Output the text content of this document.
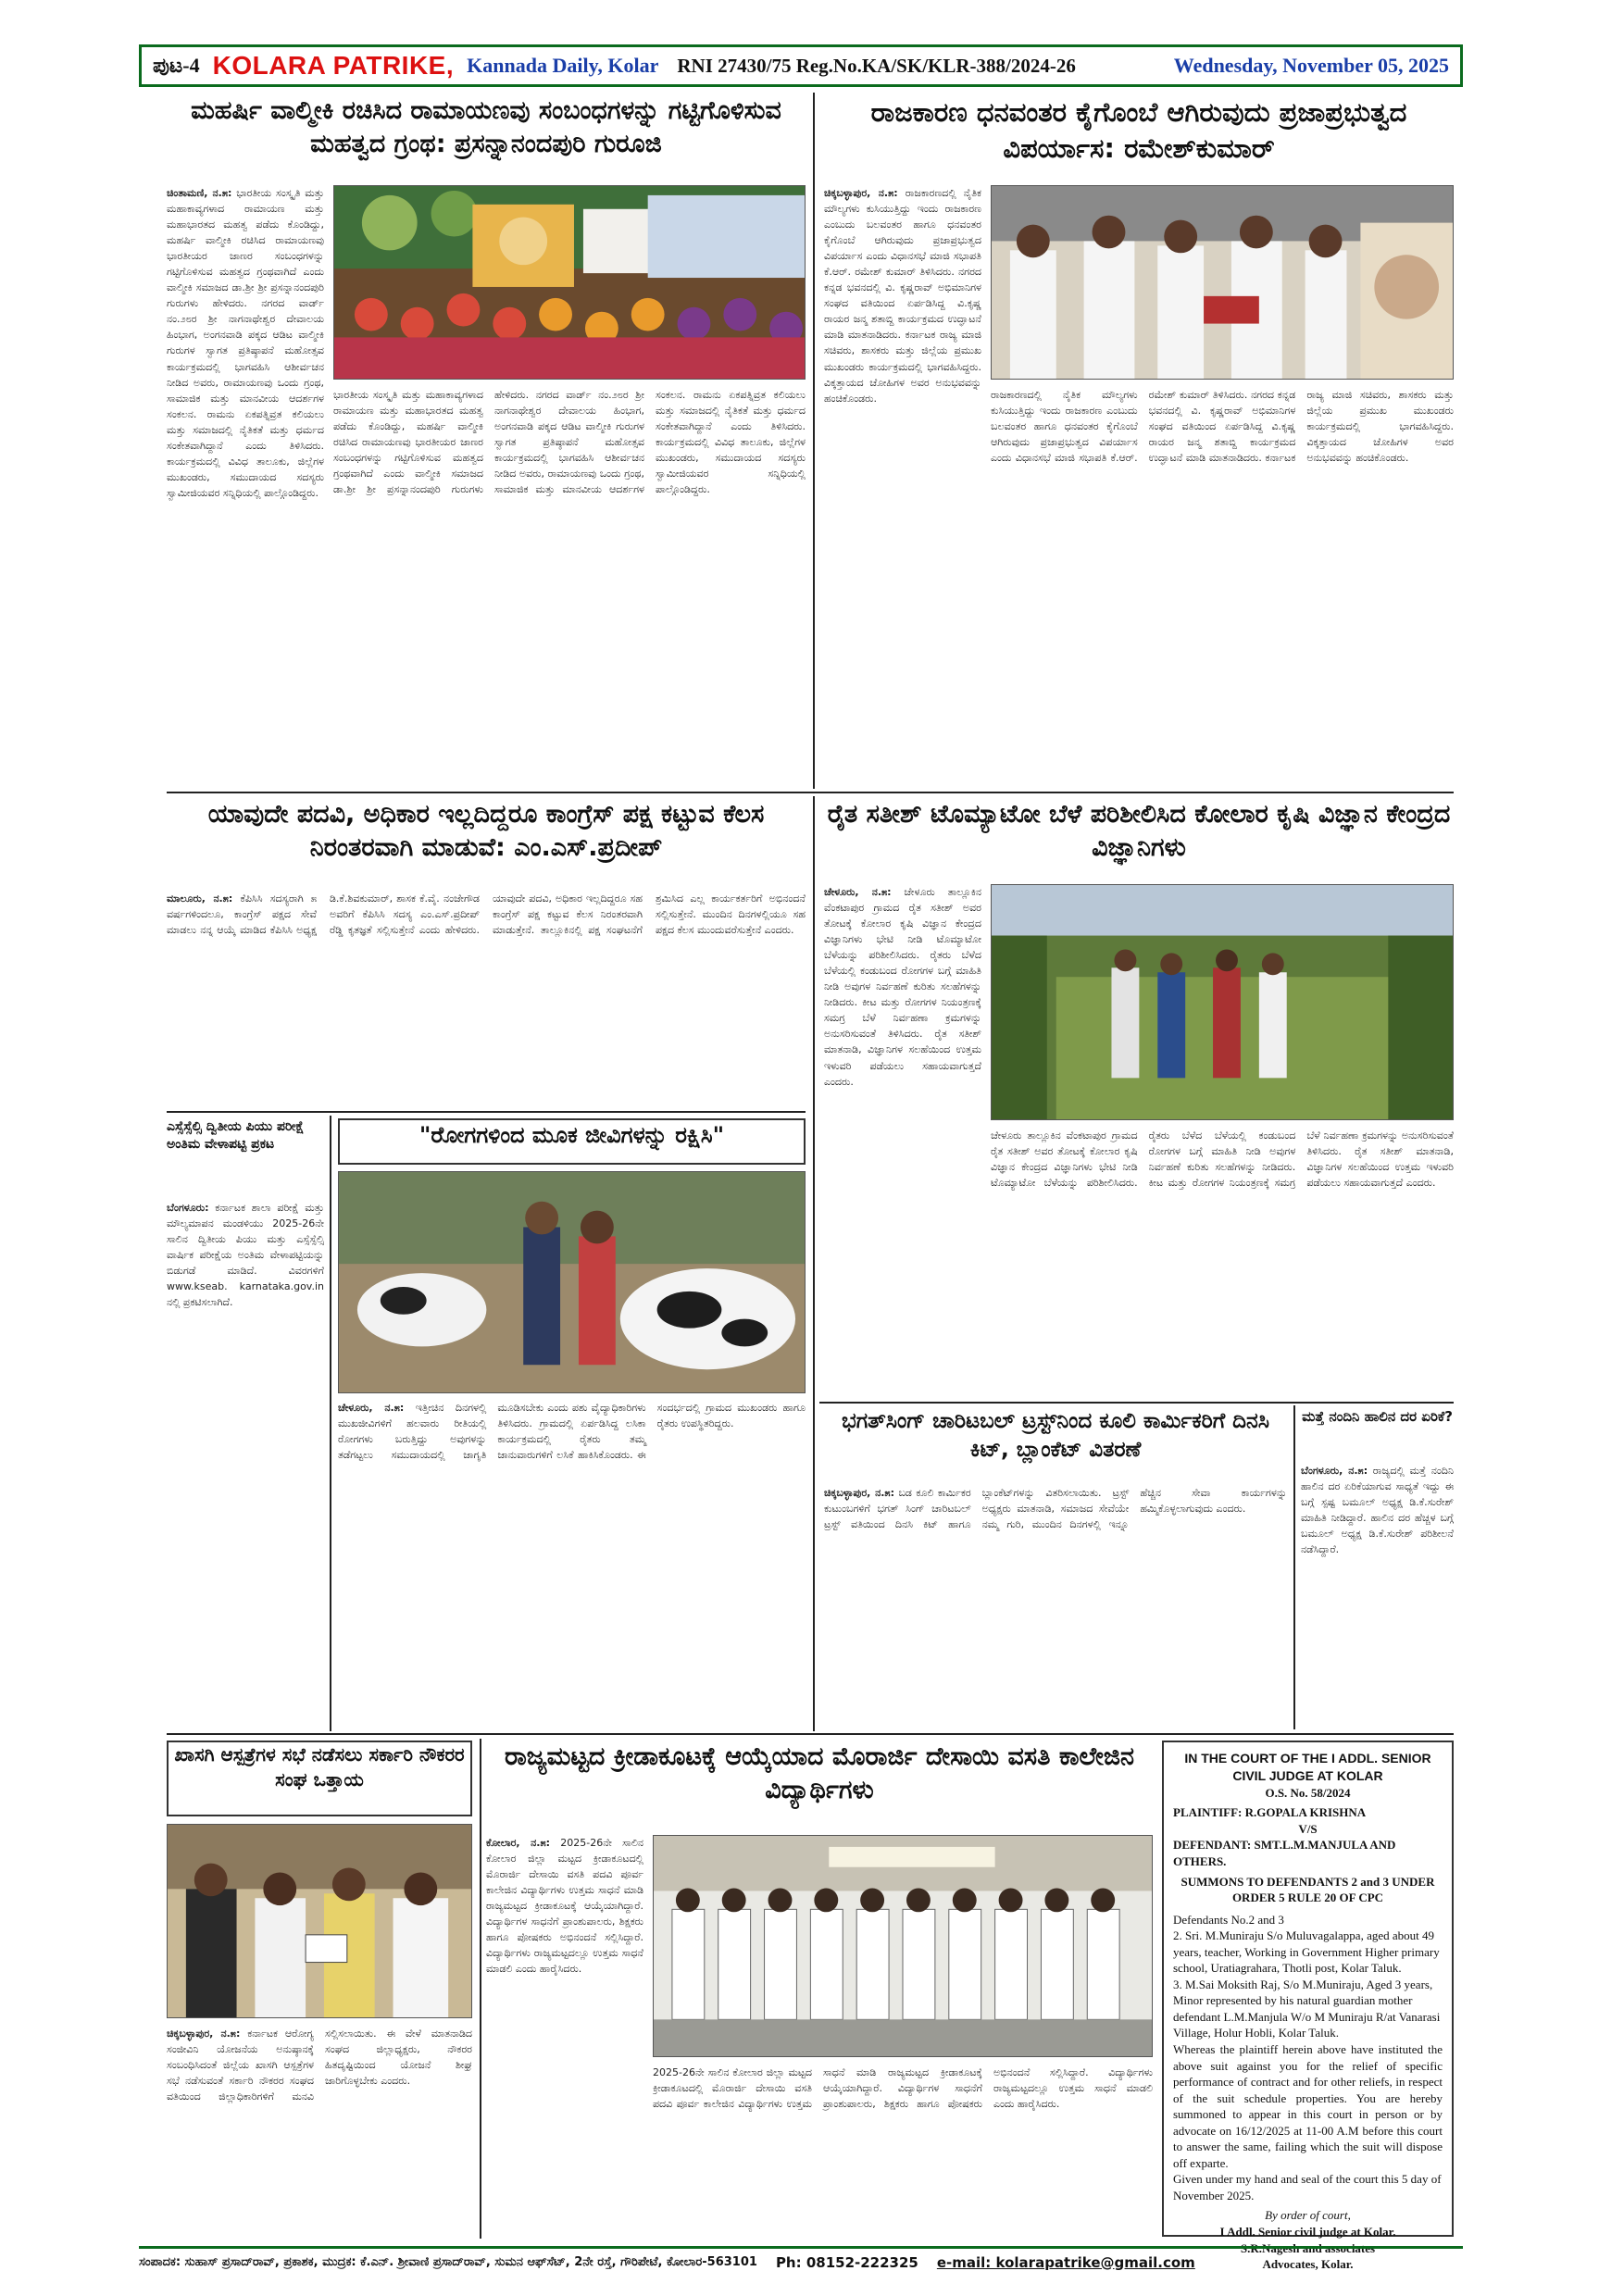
ಪುಟ-4 KOLARA PATRIKE, Kannada Daily, Kolar RNI 27430/75 Reg.No.KA/SK/KLR-388/2024-26	Wednesday, November 05, 2025
ಮಹರ್ಷಿ ವಾಲ್ಮೀಕಿ ರಚಿಸಿದ ರಾಮಾಯಣವು ಸಂಬಂಧಗಳನ್ನು ಗಟ್ಟಿಗೊಳಿಸುವ ಮಹತ್ವದ ಗ್ರಂಥ: ಪ್ರಸನ್ನಾನಂದಪುರಿ ಗುರೂಜಿ
ಚಿಂತಾಮಣಿ, ನ.೫: ಭಾರತೀಯ ಸಂಸ್ಕೃತಿ ಮತ್ತು ಮಹಾಕಾವ್ಯಗಳಾದ ರಾಮಾಯಣ ಮತ್ತು ಮಹಾಭಾರತದ ಮಹತ್ವ ಪಡೆದು ಕೊಂಡಿದ್ದು, ಮಹರ್ಷಿ ವಾಲ್ಮೀಕಿ ರಚಿಸಿದ ರಾಮಾಯಣವು ಭಾರತೀಯರ ಜಾಣರ ಸಂಬಂಧಗಳನ್ನು ಗಟ್ಟಿಗೊಳಿಸುವ ಮಹತ್ವದ ಗ್ರಂಥವಾಗಿದೆ ಎಂದು ವಾಲ್ಮೀಕಿ ಸಮಾಜದ ಡಾ.ಶ್ರೀ ಶ್ರೀ ಪ್ರಸನ್ನಾನಂದಪುರಿ ಗುರುಗಳು ಹೇಳಿದರು. ನಗರದ ವಾರ್ಡ್ ನಂ.೨೮ರ ಶ್ರೀ ನಾಗನಾಥೇಶ್ವರ ದೇವಾಲಯ ಹಿಂಭಾಗ, ಅಂಗನವಾಡಿ ಪಕ್ಕದ ಆಡಿಟ ವಾಲ್ಮೀಕಿ ಗುರುಗಳ ಸ್ವಾಗತ ಪ್ರತಿಷ್ಠಾಪನೆ ಮಹೋತ್ಸವ ಕಾರ್ಯಕ್ರಮದಲ್ಲಿ ಭಾಗವಹಿಸಿ ಆಶೀರ್ವಚನ ನೀಡಿದ ಅವರು, ರಾಮಾಯಣವು ಒಂದು ಗ್ರಂಥ, ಸಾಮಾಜಿಕ ಮತ್ತು ಮಾನವೀಯ ಆದರ್ಶಗಳ ಸಂಕಲನ. ರಾಮನು ಏಕಪತ್ನಿವ್ರತ ಕಲಿಯಲು ಮತ್ತು ಸಮಾಜದಲ್ಲಿ ನೈತಿಕತೆ ಮತ್ತು ಧರ್ಮದ ಸಂಕೇತವಾಗಿದ್ದಾನೆ ಎಂದು ತಿಳಿಸಿದರು. ಕಾರ್ಯಕ್ರಮದಲ್ಲಿ ವಿವಿಧ ತಾಲೂಕು, ಜಿಲ್ಲೆಗಳ ಮುಖಂಡರು, ಸಮುದಾಯದ ಸದಸ್ಯರು ಸ್ವಾಮೀಜಿಯವರ ಸನ್ನಿಧಿಯಲ್ಲಿ ಪಾಲ್ಗೊಂಡಿದ್ದರು.
ಭಾರತೀಯ ಸಂಸ್ಕೃತಿ ಮತ್ತು ಮಹಾಕಾವ್ಯಗಳಾದ ರಾಮಾಯಣ ಮತ್ತು ಮಹಾಭಾರತದ ಮಹತ್ವ ಪಡೆದು ಕೊಂಡಿದ್ದು, ಮಹರ್ಷಿ ವಾಲ್ಮೀಕಿ ರಚಿಸಿದ ರಾಮಾಯಣವು ಭಾರತೀಯರ ಜಾಣರ ಸಂಬಂಧಗಳನ್ನು ಗಟ್ಟಿಗೊಳಿಸುವ ಮಹತ್ವದ ಗ್ರಂಥವಾಗಿದೆ ಎಂದು ವಾಲ್ಮೀಕಿ ಸಮಾಜದ ಡಾ.ಶ್ರೀ ಶ್ರೀ ಪ್ರಸನ್ನಾನಂದಪುರಿ ಗುರುಗಳು ಹೇಳಿದರು. ನಗರದ ವಾರ್ಡ್ ನಂ.೨೮ರ ಶ್ರೀ ನಾಗನಾಥೇಶ್ವರ ದೇವಾಲಯ ಹಿಂಭಾಗ, ಅಂಗನವಾಡಿ ಪಕ್ಕದ ಆಡಿಟ ವಾಲ್ಮೀಕಿ ಗುರುಗಳ ಸ್ವಾಗತ ಪ್ರತಿಷ್ಠಾಪನೆ ಮಹೋತ್ಸವ ಕಾರ್ಯಕ್ರಮದಲ್ಲಿ ಭಾಗವಹಿಸಿ ಆಶೀರ್ವಚನ ನೀಡಿದ ಅವರು, ರಾಮಾಯಣವು ಒಂದು ಗ್ರಂಥ, ಸಾಮಾಜಿಕ ಮತ್ತು ಮಾನವೀಯ ಆದರ್ಶಗಳ ಸಂಕಲನ. ರಾಮನು ಏಕಪತ್ನಿವ್ರತ ಕಲಿಯಲು ಮತ್ತು ಸಮಾಜದಲ್ಲಿ ನೈತಿಕತೆ ಮತ್ತು ಧರ್ಮದ ಸಂಕೇತವಾಗಿದ್ದಾನೆ ಎಂದು ತಿಳಿಸಿದರು. ಕಾರ್ಯಕ್ರಮದಲ್ಲಿ ವಿವಿಧ ತಾಲೂಕು, ಜಿಲ್ಲೆಗಳ ಮುಖಂಡರು, ಸಮುದಾಯದ ಸದಸ್ಯರು ಸ್ವಾಮೀಜಿಯವರ ಸನ್ನಿಧಿಯಲ್ಲಿ ಪಾಲ್ಗೊಂಡಿದ್ದರು.
ರಾಜಕಾರಣ ಧನವಂತರ ಕೈಗೊಂಬೆ ಆಗಿರುವುದು ಪ್ರಜಾಪ್ರಭುತ್ವದ ವಿಪರ್ಯಾಸ: ರಮೇಶ್‌ಕುಮಾರ್
ಚಿಕ್ಕಬಳ್ಳಾಪುರ, ನ.೫: ರಾಜಕಾರಣದಲ್ಲಿ ನೈತಿಕ ಮೌಲ್ಯಗಳು ಕುಸಿಯುತ್ತಿದ್ದು ಇಂದು ರಾಜಕಾರಣ ಎಂಬುದು ಬಲವಂತರ ಹಾಗೂ ಧನವಂತರ ಕೈಗೊಂಬೆ ಆಗಿರುವುದು ಪ್ರಜಾಪ್ರಭುತ್ವದ ವಿಪರ್ಯಾಸ ಎಂದು ವಿಧಾನಸಭೆ ಮಾಜಿ ಸಭಾಪತಿ ಕೆ.ಆರ್. ರಮೇಶ್ ಕುಮಾರ್ ತಿಳಿಸಿದರು. ನಗರದ ಕನ್ನಡ ಭವನದಲ್ಲಿ ವಿ. ಕೃಷ್ಣರಾವ್ ಅಭಿಮಾನಿಗಳ ಸಂಘದ ವತಿಯಿಂದ ಏರ್ಪಡಿಸಿದ್ದ ವಿ.ಕೃಷ್ಣ ರಾಯರ ಜನ್ಮ ಶತಾಬ್ದಿ ಕಾರ್ಯಕ್ರಮದ ಉದ್ಘಾಟನೆ ಮಾಡಿ ಮಾತನಾಡಿದರು. ಕರ್ನಾಟಕ ರಾಜ್ಯ ಮಾಜಿ ಸಚಿವರು, ಶಾಸಕರು ಮತ್ತು ಜಿಲ್ಲೆಯ ಪ್ರಮುಖ ಮುಖಂಡರು ಕಾರ್ಯಕ್ರಮದಲ್ಲಿ ಭಾಗವಹಿಸಿದ್ದರು. ವಿಕ್ಕತ್ತಾಯದ ಚೋಹಿಗಳ ಅವರ ಅನುಭವವನ್ನು ಹಂಚಿಕೊಂಡರು.	ರಾಜಕಾರಣದಲ್ಲಿ ನೈತಿಕ ಮೌಲ್ಯಗಳು ಕುಸಿಯುತ್ತಿದ್ದು ಇಂದು ರಾಜಕಾರಣ ಎಂಬುದು ಬಲವಂತರ ಹಾಗೂ ಧನವಂತರ ಕೈಗೊಂಬೆ ಆಗಿರುವುದು ಪ್ರಜಾಪ್ರಭುತ್ವದ ವಿಪರ್ಯಾಸ ಎಂದು ವಿಧಾನಸಭೆ ಮಾಜಿ ಸಭಾಪತಿ ಕೆ.ಆರ್. ರಮೇಶ್ ಕುಮಾರ್ ತಿಳಿಸಿದರು. ನಗರದ ಕನ್ನಡ ಭವನದಲ್ಲಿ ವಿ. ಕೃಷ್ಣರಾವ್ ಅಭಿಮಾನಿಗಳ ಸಂಘದ ವತಿಯಿಂದ ಏರ್ಪಡಿಸಿದ್ದ ವಿ.ಕೃಷ್ಣ ರಾಯರ ಜನ್ಮ ಶತಾಬ್ದಿ ಕಾರ್ಯಕ್ರಮದ ಉದ್ಘಾಟನೆ ಮಾಡಿ ಮಾತನಾಡಿದರು. ಕರ್ನಾಟಕ ರಾಜ್ಯ ಮಾಜಿ ಸಚಿವರು, ಶಾಸಕರು ಮತ್ತು ಜಿಲ್ಲೆಯ ಪ್ರಮುಖ ಮುಖಂಡರು ಕಾರ್ಯಕ್ರಮದಲ್ಲಿ ಭಾಗವಹಿಸಿದ್ದರು. ವಿಕ್ಕತ್ತಾಯದ ಚೋಹಿಗಳ ಅವರ ಅನುಭವವನ್ನು ಹಂಚಿಕೊಂಡರು.
ಯಾವುದೇ ಪದವಿ, ಅಧಿಕಾರ ಇಲ್ಲದಿದ್ದರೂ ಕಾಂಗ್ರೆಸ್ ಪಕ್ಷ ಕಟ್ಟುವ ಕೆಲಸ ನಿರಂತರವಾಗಿ ಮಾಡುವೆ: ಎಂ.ಎಸ್.ಪ್ರದೀಪ್
ಮಾಲೂರು, ನ.೫: ಕೆಪಿಸಿಸಿ ಸದಸ್ಯರಾಗಿ ೫ ವರ್ಷಗಳಿಂದಲೂ, ಕಾಂಗ್ರೆಸ್ ಪಕ್ಷದ ಸೇವೆ ಮಾಡಲು ನನ್ನ ಆಯ್ಕೆ ಮಾಡಿದ ಕೆಪಿಸಿಸಿ ಅಧ್ಯಕ್ಷ ಡಿ.ಕೆ.ಶಿವಕುಮಾರ್, ಶಾಸಕ ಕೆ.ವೈ. ನಂಜೇಗೌಡ ಅವರಿಗೆ ಕೆಪಿಸಿಸಿ ಸದಸ್ಯ ಎಂ.ಎಸ್.ಪ್ರದೀಪ್ ರೆಡ್ಡಿ ಕೃತಜ್ಞತೆ ಸಲ್ಲಿಸುತ್ತೇನೆ ಎಂದು ಹೇಳಿದರು. ಯಾವುದೇ ಪದವಿ, ಅಧಿಕಾರ ಇಲ್ಲದಿದ್ದರೂ ಸಹ ಕಾಂಗ್ರೆಸ್ ಪಕ್ಷ ಕಟ್ಟುವ ಕೆಲಸ ನಿರಂತರವಾಗಿ ಮಾಡುತ್ತೇನೆ. ತಾಲ್ಲೂಕಿನಲ್ಲಿ ಪಕ್ಷ ಸಂಘಟನೆಗೆ ಶ್ರಮಿಸಿದ ಎಲ್ಲ ಕಾರ್ಯಕರ್ತರಿಗೆ ಅಭಿನಂದನೆ ಸಲ್ಲಿಸುತ್ತೇನೆ. ಮುಂದಿನ ದಿನಗಳಲ್ಲಿಯೂ ಸಹ ಪಕ್ಷದ ಕೆಲಸ ಮುಂದುವರೆಸುತ್ತೇನೆ ಎಂದರು.
ಎಸ್ಸೆಸ್ಸೆಲ್ಸಿ ದ್ವಿತೀಯ ಪಿಯು ಪರೀಕ್ಷೆ ಅಂತಿಮ ವೇಳಾಪಟ್ಟಿ ಪ್ರಕಟ
ಬೆಂಗಳೂರು: ಕರ್ನಾಟಕ ಶಾಲಾ ಪರೀಕ್ಷೆ ಮತ್ತು ಮೌಲ್ಯಮಾಪನ ಮಂಡಳಿಯು 2025-26ನೇ ಸಾಲಿನ ದ್ವಿತೀಯ ಪಿಯು ಮತ್ತು ಎಸ್ಸೆಸ್ಸೆಲ್ಸಿ ವಾರ್ಷಿಕ ಪರೀಕ್ಷೆಯ ಅಂತಿಮ ವೇಳಾಪಟ್ಟಿಯನ್ನು ಬಿಡುಗಡೆ ಮಾಡಿದೆ. ವಿವರಗಳಿಗೆ www.kseab. karnataka.gov.in ನಲ್ಲಿ ಪ್ರಕಟಿಸಲಾಗಿದೆ.
"ರೋಗಗಳಿಂದ ಮೂಕ ಜೀವಿಗಳನ್ನು ರಕ್ಷಿಸಿ"
ಚೇಳೂರು, ನ.೫: ಇತ್ತೀಚಿನ ದಿನಗಳಲ್ಲಿ ಮುಖಜೀವಿಗಳಿಗೆ ಹಲವಾರು ರೀತಿಯಲ್ಲಿ ರೋಗಗಳು ಬರುತ್ತಿದ್ದು ಅವುಗಳನ್ನು ತಡೆಗಟ್ಟಲು ಸಮುದಾಯದಲ್ಲಿ ಜಾಗೃತಿ ಮೂಡಿಸಬೇಕು ಎಂದು ಪಶು ವೈದ್ಯಾಧಿಕಾರಿಗಳು ತಿಳಿಸಿದರು. ಗ್ರಾಮದಲ್ಲಿ ಏರ್ಪಡಿಸಿದ್ದ ಲಸಿಕಾ ಕಾರ್ಯಕ್ರಮದಲ್ಲಿ ರೈತರು ತಮ್ಮ ಜಾನುವಾರುಗಳಿಗೆ ಲಸಿಕೆ ಹಾಕಿಸಿಕೊಂಡರು. ಈ ಸಂದರ್ಭದಲ್ಲಿ ಗ್ರಾಮದ ಮುಖಂಡರು ಹಾಗೂ ರೈತರು ಉಪಸ್ಥಿತರಿದ್ದರು.
ರೈತ ಸತೀಶ್ ಟೊಮ್ಯಾಟೋ ಬೆಳೆ ಪರಿಶೀಲಿಸಿದ ಕೋಲಾರ ಕೃಷಿ ವಿಜ್ಞಾನ ಕೇಂದ್ರದ ವಿಜ್ಞಾನಿಗಳು
ಚೇಳೂರು, ನ.೫: ಚೇಳೂರು ತಾಲ್ಲೂಕಿನ ವೆಂಕಟಾಪುರ ಗ್ರಾಮದ ರೈತ ಸತೀಶ್ ಅವರ ತೋಟಕ್ಕೆ ಕೋಲಾರ ಕೃಷಿ ವಿಜ್ಞಾನ ಕೇಂದ್ರದ ವಿಜ್ಞಾನಿಗಳು ಭೇಟಿ ನೀಡಿ ಟೊಮ್ಯಾಟೋ ಬೆಳೆಯನ್ನು ಪರಿಶೀಲಿಸಿದರು. ರೈತರು ಬೆಳೆದ ಬೆಳೆಯಲ್ಲಿ ಕಂಡುಬಂದ ರೋಗಗಳ ಬಗ್ಗೆ ಮಾಹಿತಿ ನೀಡಿ ಅವುಗಳ ನಿರ್ವಹಣೆ ಕುರಿತು ಸಲಹೆಗಳನ್ನು ನೀಡಿದರು. ಕೀಟ ಮತ್ತು ರೋಗಗಳ ನಿಯಂತ್ರಣಕ್ಕೆ ಸಮಗ್ರ ಬೆಳೆ ನಿರ್ವಹಣಾ ಕ್ರಮಗಳನ್ನು ಅನುಸರಿಸುವಂತೆ ತಿಳಿಸಿದರು. ರೈತ ಸತೀಶ್ ಮಾತನಾಡಿ, ವಿಜ್ಞಾನಿಗಳ ಸಲಹೆಯಿಂದ ಉತ್ತಮ ಇಳುವರಿ ಪಡೆಯಲು ಸಹಾಯವಾಗುತ್ತದೆ ಎಂದರು.
ಚೇಳೂರು ತಾಲ್ಲೂಕಿನ ವೆಂಕಟಾಪುರ ಗ್ರಾಮದ ರೈತ ಸತೀಶ್ ಅವರ ತೋಟಕ್ಕೆ ಕೋಲಾರ ಕೃಷಿ ವಿಜ್ಞಾನ ಕೇಂದ್ರದ ವಿಜ್ಞಾನಿಗಳು ಭೇಟಿ ನೀಡಿ ಟೊಮ್ಯಾಟೋ ಬೆಳೆಯನ್ನು ಪರಿಶೀಲಿಸಿದರು. ರೈತರು ಬೆಳೆದ ಬೆಳೆಯಲ್ಲಿ ಕಂಡುಬಂದ ರೋಗಗಳ ಬಗ್ಗೆ ಮಾಹಿತಿ ನೀಡಿ ಅವುಗಳ ನಿರ್ವಹಣೆ ಕುರಿತು ಸಲಹೆಗಳನ್ನು ನೀಡಿದರು. ಕೀಟ ಮತ್ತು ರೋಗಗಳ ನಿಯಂತ್ರಣಕ್ಕೆ ಸಮಗ್ರ ಬೆಳೆ ನಿರ್ವಹಣಾ ಕ್ರಮಗಳನ್ನು ಅನುಸರಿಸುವಂತೆ ತಿಳಿಸಿದರು. ರೈತ ಸತೀಶ್ ಮಾತನಾಡಿ, ವಿಜ್ಞಾನಿಗಳ ಸಲಹೆಯಿಂದ ಉತ್ತಮ ಇಳುವರಿ ಪಡೆಯಲು ಸಹಾಯವಾಗುತ್ತದೆ ಎಂದರು.
ಭಗತ್‌ಸಿಂಗ್ ಚಾರಿಟಬಲ್ ಟ್ರಸ್ಟ್‌ನಿಂದ ಕೂಲಿ ಕಾರ್ಮಿಕರಿಗೆ ದಿನಸಿ ಕಿಟ್, ಬ್ಲಾಂಕೆಟ್ ವಿತರಣೆ
ಚಿಕ್ಕಬಳ್ಳಾಪುರ, ನ.೫: ಬಡ ಕೂಲಿ ಕಾರ್ಮಿಕರ ಕುಟುಂಬಗಳಿಗೆ ಭಗತ್ ಸಿಂಗ್ ಚಾರಿಟಬಲ್ ಟ್ರಸ್ಟ್ ವತಿಯಿಂದ ದಿನಸಿ ಕಿಟ್ ಹಾಗೂ ಬ್ಲಾಂಕೆಟ್‌ಗಳನ್ನು ವಿತರಿಸಲಾಯಿತು. ಟ್ರಸ್ಟ್ ಅಧ್ಯಕ್ಷರು ಮಾತನಾಡಿ, ಸಮಾಜದ ಸೇವೆಯೇ ನಮ್ಮ ಗುರಿ, ಮುಂದಿನ ದಿನಗಳಲ್ಲಿ ಇನ್ನೂ ಹೆಚ್ಚಿನ ಸೇವಾ ಕಾರ್ಯಗಳನ್ನು ಹಮ್ಮಿಕೊಳ್ಳಲಾಗುವುದು ಎಂದರು.
ಮತ್ತೆ ನಂದಿನಿ ಹಾಲಿನ ದರ ಏರಿಕೆ?
ಬೆಂಗಳೂರು, ನ.೫: ರಾಜ್ಯದಲ್ಲಿ ಮತ್ತೆ ನಂದಿನಿ ಹಾಲಿನ ದರ ಏರಿಕೆಯಾಗುವ ಸಾಧ್ಯತೆ ಇದ್ದು ಈ ಬಗ್ಗೆ ಸ್ಪಷ್ಟ ಬಮೂಲ್ ಅಧ್ಯಕ್ಷ ಡಿ.ಕೆ.ಸುರೇಶ್ ಮಾಹಿತಿ ನೀಡಿದ್ದಾರೆ. ಹಾಲಿನ ದರ ಹೆಚ್ಚಳ ಬಗ್ಗೆ ಬಮೂಲ್ ಅಧ್ಯಕ್ಷ ಡಿ.ಕೆ.ಸುರೇಶ್ ಪರಿಶೀಲನೆ ನಡೆಸಿದ್ದಾರೆ.
ಖಾಸಗಿ ಆಸ್ಪತ್ರೆಗಳ ಸಭೆ ನಡೆಸಲು ಸರ್ಕಾರಿ ನೌಕರರ ಸಂಘ ಒತ್ತಾಯ
ಚಿಕ್ಕಬಳ್ಳಾಪುರ, ನ.೫: ಕರ್ನಾಟಕ ಆರೋಗ್ಯ ಸಂಜೀವಿನಿ ಯೋಜನೆಯ ಅನುಷ್ಠಾನಕ್ಕೆ ಸಂಬಂಧಿಸಿದಂತೆ ಜಿಲ್ಲೆಯ ಖಾಸಗಿ ಆಸ್ಪತ್ರೆಗಳ ಸಭೆ ನಡೆಸುವಂತೆ ಸರ್ಕಾರಿ ನೌಕರರ ಸಂಘದ ವತಿಯಿಂದ ಜಿಲ್ಲಾಧಿಕಾರಿಗಳಿಗೆ ಮನವಿ ಸಲ್ಲಿಸಲಾಯಿತು. ಈ ವೇಳೆ ಮಾತನಾಡಿದ ಸಂಘದ ಜಿಲ್ಲಾಧ್ಯಕ್ಷರು, ನೌಕರರ ಹಿತದೃಷ್ಟಿಯಿಂದ ಯೋಜನೆ ಶೀಘ್ರ ಜಾರಿಗೊಳ್ಳಬೇಕು ಎಂದರು.
ರಾಜ್ಯಮಟ್ಟದ ಕ್ರೀಡಾಕೂಟಕ್ಕೆ ಆಯ್ಕೆಯಾದ ಮೊರಾರ್ಜಿ ದೇಸಾಯಿ ವಸತಿ ಕಾಲೇಜಿನ ವಿದ್ಯಾರ್ಥಿಗಳು
ಕೋಲಾರ, ನ.೫: 2025-26ನೇ ಸಾಲಿನ ಕೋಲಾರ ಜಿಲ್ಲಾ ಮಟ್ಟದ ಕ್ರೀಡಾಕೂಟದಲ್ಲಿ ಮೊರಾರ್ಜಿ ದೇಸಾಯಿ ವಸತಿ ಪದವಿ ಪೂರ್ವ ಕಾಲೇಜಿನ ವಿದ್ಯಾರ್ಥಿಗಳು ಉತ್ತಮ ಸಾಧನೆ ಮಾಡಿ ರಾಜ್ಯಮಟ್ಟದ ಕ್ರೀಡಾಕೂಟಕ್ಕೆ ಆಯ್ಕೆಯಾಗಿದ್ದಾರೆ. ವಿದ್ಯಾರ್ಥಿಗಳ ಸಾಧನೆಗೆ ಪ್ರಾಂಶುಪಾಲರು, ಶಿಕ್ಷಕರು ಹಾಗೂ ಪೋಷಕರು ಅಭಿನಂದನೆ ಸಲ್ಲಿಸಿದ್ದಾರೆ. ವಿದ್ಯಾರ್ಥಿಗಳು ರಾಜ್ಯಮಟ್ಟದಲ್ಲೂ ಉತ್ತಮ ಸಾಧನೆ ಮಾಡಲಿ ಎಂದು ಹಾರೈಸಿದರು.
2025-26ನೇ ಸಾಲಿನ ಕೋಲಾರ ಜಿಲ್ಲಾ ಮಟ್ಟದ ಕ್ರೀಡಾಕೂಟದಲ್ಲಿ ಮೊರಾರ್ಜಿ ದೇಸಾಯಿ ವಸತಿ ಪದವಿ ಪೂರ್ವ ಕಾಲೇಜಿನ ವಿದ್ಯಾರ್ಥಿಗಳು ಉತ್ತಮ ಸಾಧನೆ ಮಾಡಿ ರಾಜ್ಯಮಟ್ಟದ ಕ್ರೀಡಾಕೂಟಕ್ಕೆ ಆಯ್ಕೆಯಾಗಿದ್ದಾರೆ. ವಿದ್ಯಾರ್ಥಿಗಳ ಸಾಧನೆಗೆ ಪ್ರಾಂಶುಪಾಲರು, ಶಿಕ್ಷಕರು ಹಾಗೂ ಪೋಷಕರು ಅಭಿನಂದನೆ ಸಲ್ಲಿಸಿದ್ದಾರೆ. ವಿದ್ಯಾರ್ಥಿಗಳು ರಾಜ್ಯಮಟ್ಟದಲ್ಲೂ ಉತ್ತಮ ಸಾಧನೆ ಮಾಡಲಿ ಎಂದು ಹಾರೈಸಿದರು.
IN THE COURT OF THE I ADDL. SENIOR CIVIL JUDGE AT KOLAR
O.S. No. 58/2024
PLAINTIFF: R.GOPALA KRISHNA
V/S
DEFENDANT: SMT.L.M.MANJULA AND OTHERS.
SUMMONS TO DEFENDANTS 2 and 3 UNDER ORDER 5 RULE 20 OF CPC
Defendants No.2 and 3
2. Sri. M.Muniraju S/o Muluvagalappa, aged about 49 years, teacher, Working in Government Higher primary school, Uratiagrahara, Thotli post, Kolar Taluk.
3. M.Sai Moksith Raj, S/o M.Muniraju, Aged 3 years, Minor represented by his natural guardian mother defendant L.M.Manjula W/o M Muniraju R/at Vanarasi Village, Holur Hobli, Kolar Taluk.
Whereas the plaintiff herein above have instituted the above suit against you for the relief of specific performance of contract and for other reliefs, in respect of the suit schedule properties. You are hereby summoned to appear in this court in person or by advocate on 16/12/2025 at 11-00 A.M before this court to answer the same, failing which the suit will dispose off exparte.
Given under my hand and seal of the court this 5 day of November 2025.
By order of court,
I Addl. Senior civil judge at Kolar.
S.R.Nagesh and associates
Advocates, Kolar.
ಸಂಪಾದಕ: ಸುಹಾಸ್ ಪ್ರಸಾದ್‌ರಾವ್, ಪ್ರಕಾಶಕ, ಮುದ್ರಕ: ಕೆ.ಎನ್. ಶ್ರೀವಾಣಿ ಪ್ರಸಾದ್‌ರಾವ್, ಸುಮನ ಆಫ್‌ಸೆಟ್, 2ನೇ ರಸ್ತೆ, ಗೌರಿಪೇಟೆ, ಕೋಲಾರ-563101 Ph: 08152-222325 e-mail: kolarapatrike@gmail.com
